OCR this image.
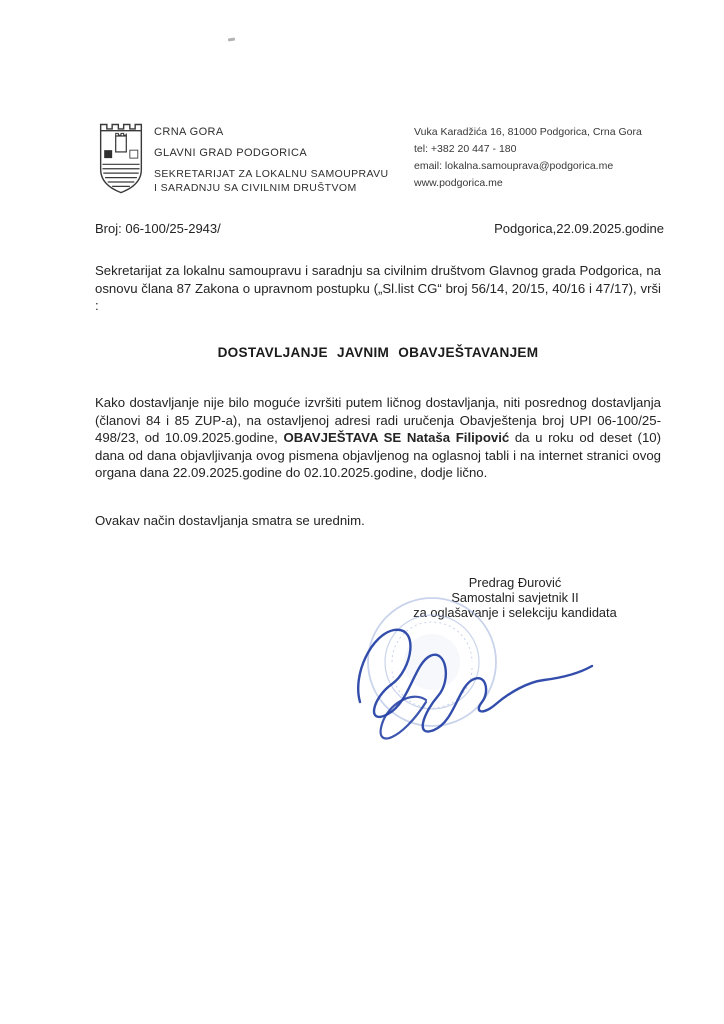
CRNA GORA
GLAVNI GRAD PODGORICA
SEKRETARIJAT ZA LOKALNU SAMOUPRAVU
I SARADNJU SA CIVILNIM DRUŠTVOM
Vuka Karadžića 16, 81000 Podgorica, Crna Gora
tel: +382 20 447 - 180
email: lokalna.samouprava@podgorica.me
www.podgorica.me
Broj: 06-100/25-2943/	Podgorica,22.09.2025.godine

Sekretarijat za lokalnu samoupravu i saradnju sa civilnim društvom Glavnog grada Podgorica, na osnovu člana 87 Zakona o upravnom postupku („Sl.list CG“ broj 56/14, 20/15, 40/16 i 47/17), vrši :

DOSTAVLJANJE JAVNIM OBAVJEŠTAVANJEM

Kako dostavljanje nije bilo moguće izvršiti putem ličnog dostavljanja, niti posrednog dostavljanja (članovi 84 i 85 ZUP-a), na ostavljenoj adresi radi uručenja Obavještenja broj UPI 06-100/25-498/23, od 10.09.2025.godine, OBAVJEŠTAVA SE Nataša Filipović da u roku od deset (10) dana od dana objavljivanja ovog pismena objavljenog na oglasnoj tabli i na internet stranici ovog organa dana 22.09.2025.godine do 02.10.2025.godine, dodje lično.

Ovakav način dostavljanja smatra se urednim.

Predrag Đurović
Samostalni savjetnik II
za oglašavanje i selekciju kandidata
